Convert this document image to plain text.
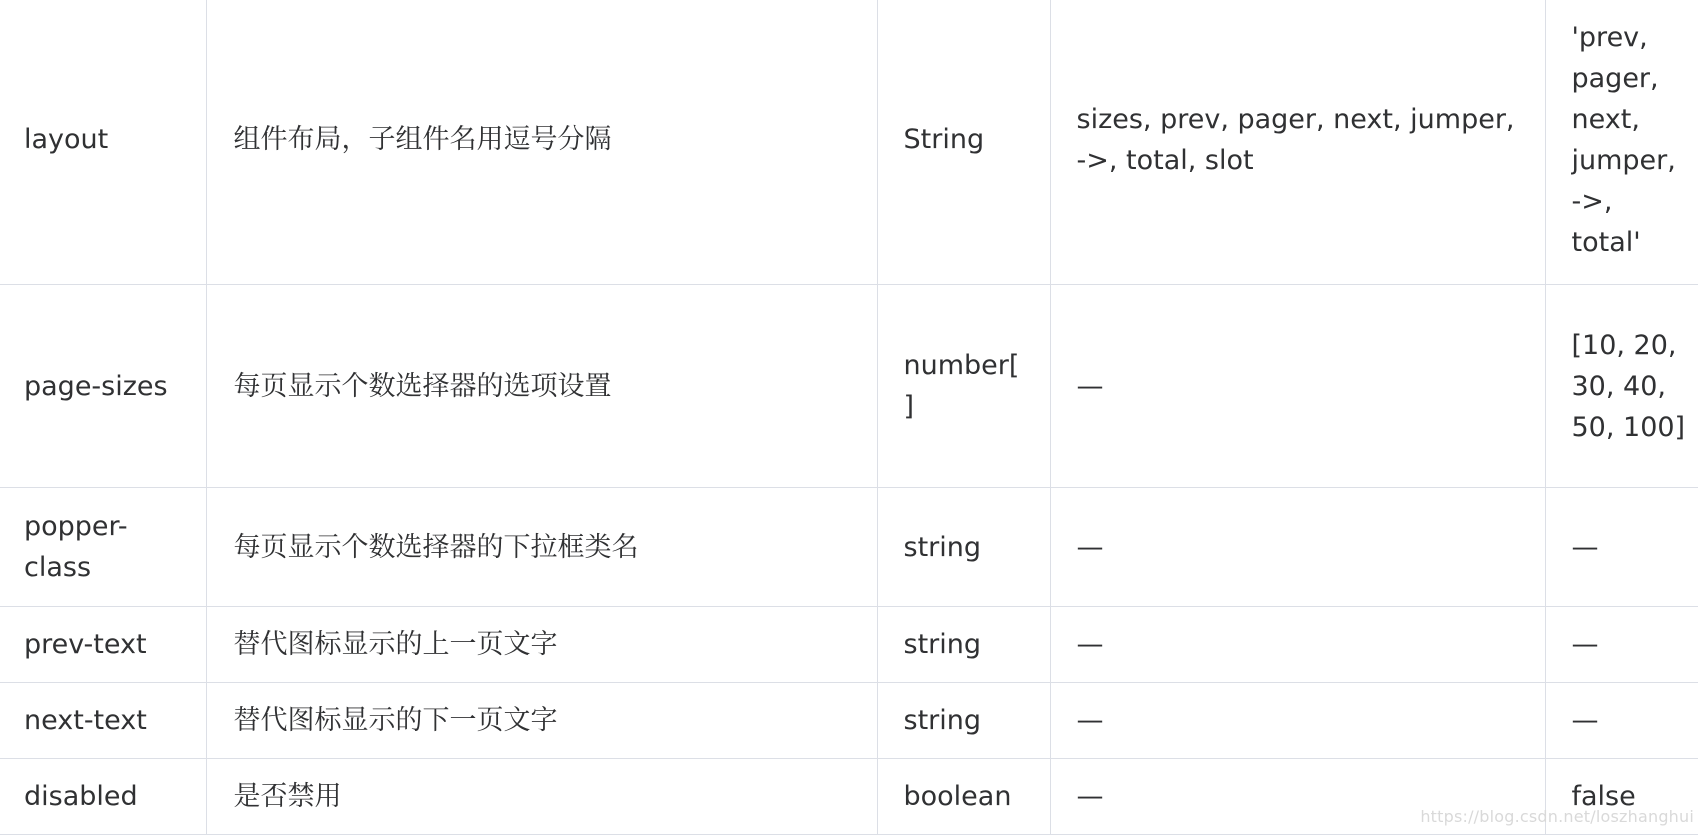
layout	组件布局，子组件名用逗号分隔	String	sizes, prev, pager, next, jumper, ->, total, slot	'prev, pager, next, jumper, ->, total'
page-sizes	每页显示个数选择器的选项设置	number[]	—	[10, 20, 30, 40, 50, 100]
popper-class	每页显示个数选择器的下拉框类名	string	—	—
prev-text	替代图标显示的上一页文字	string	—	—
next-text	替代图标显示的下一页文字	string	—	—
disabled	是否禁用	boolean	—	false
https://blog.csdn.net/loszhanghui
